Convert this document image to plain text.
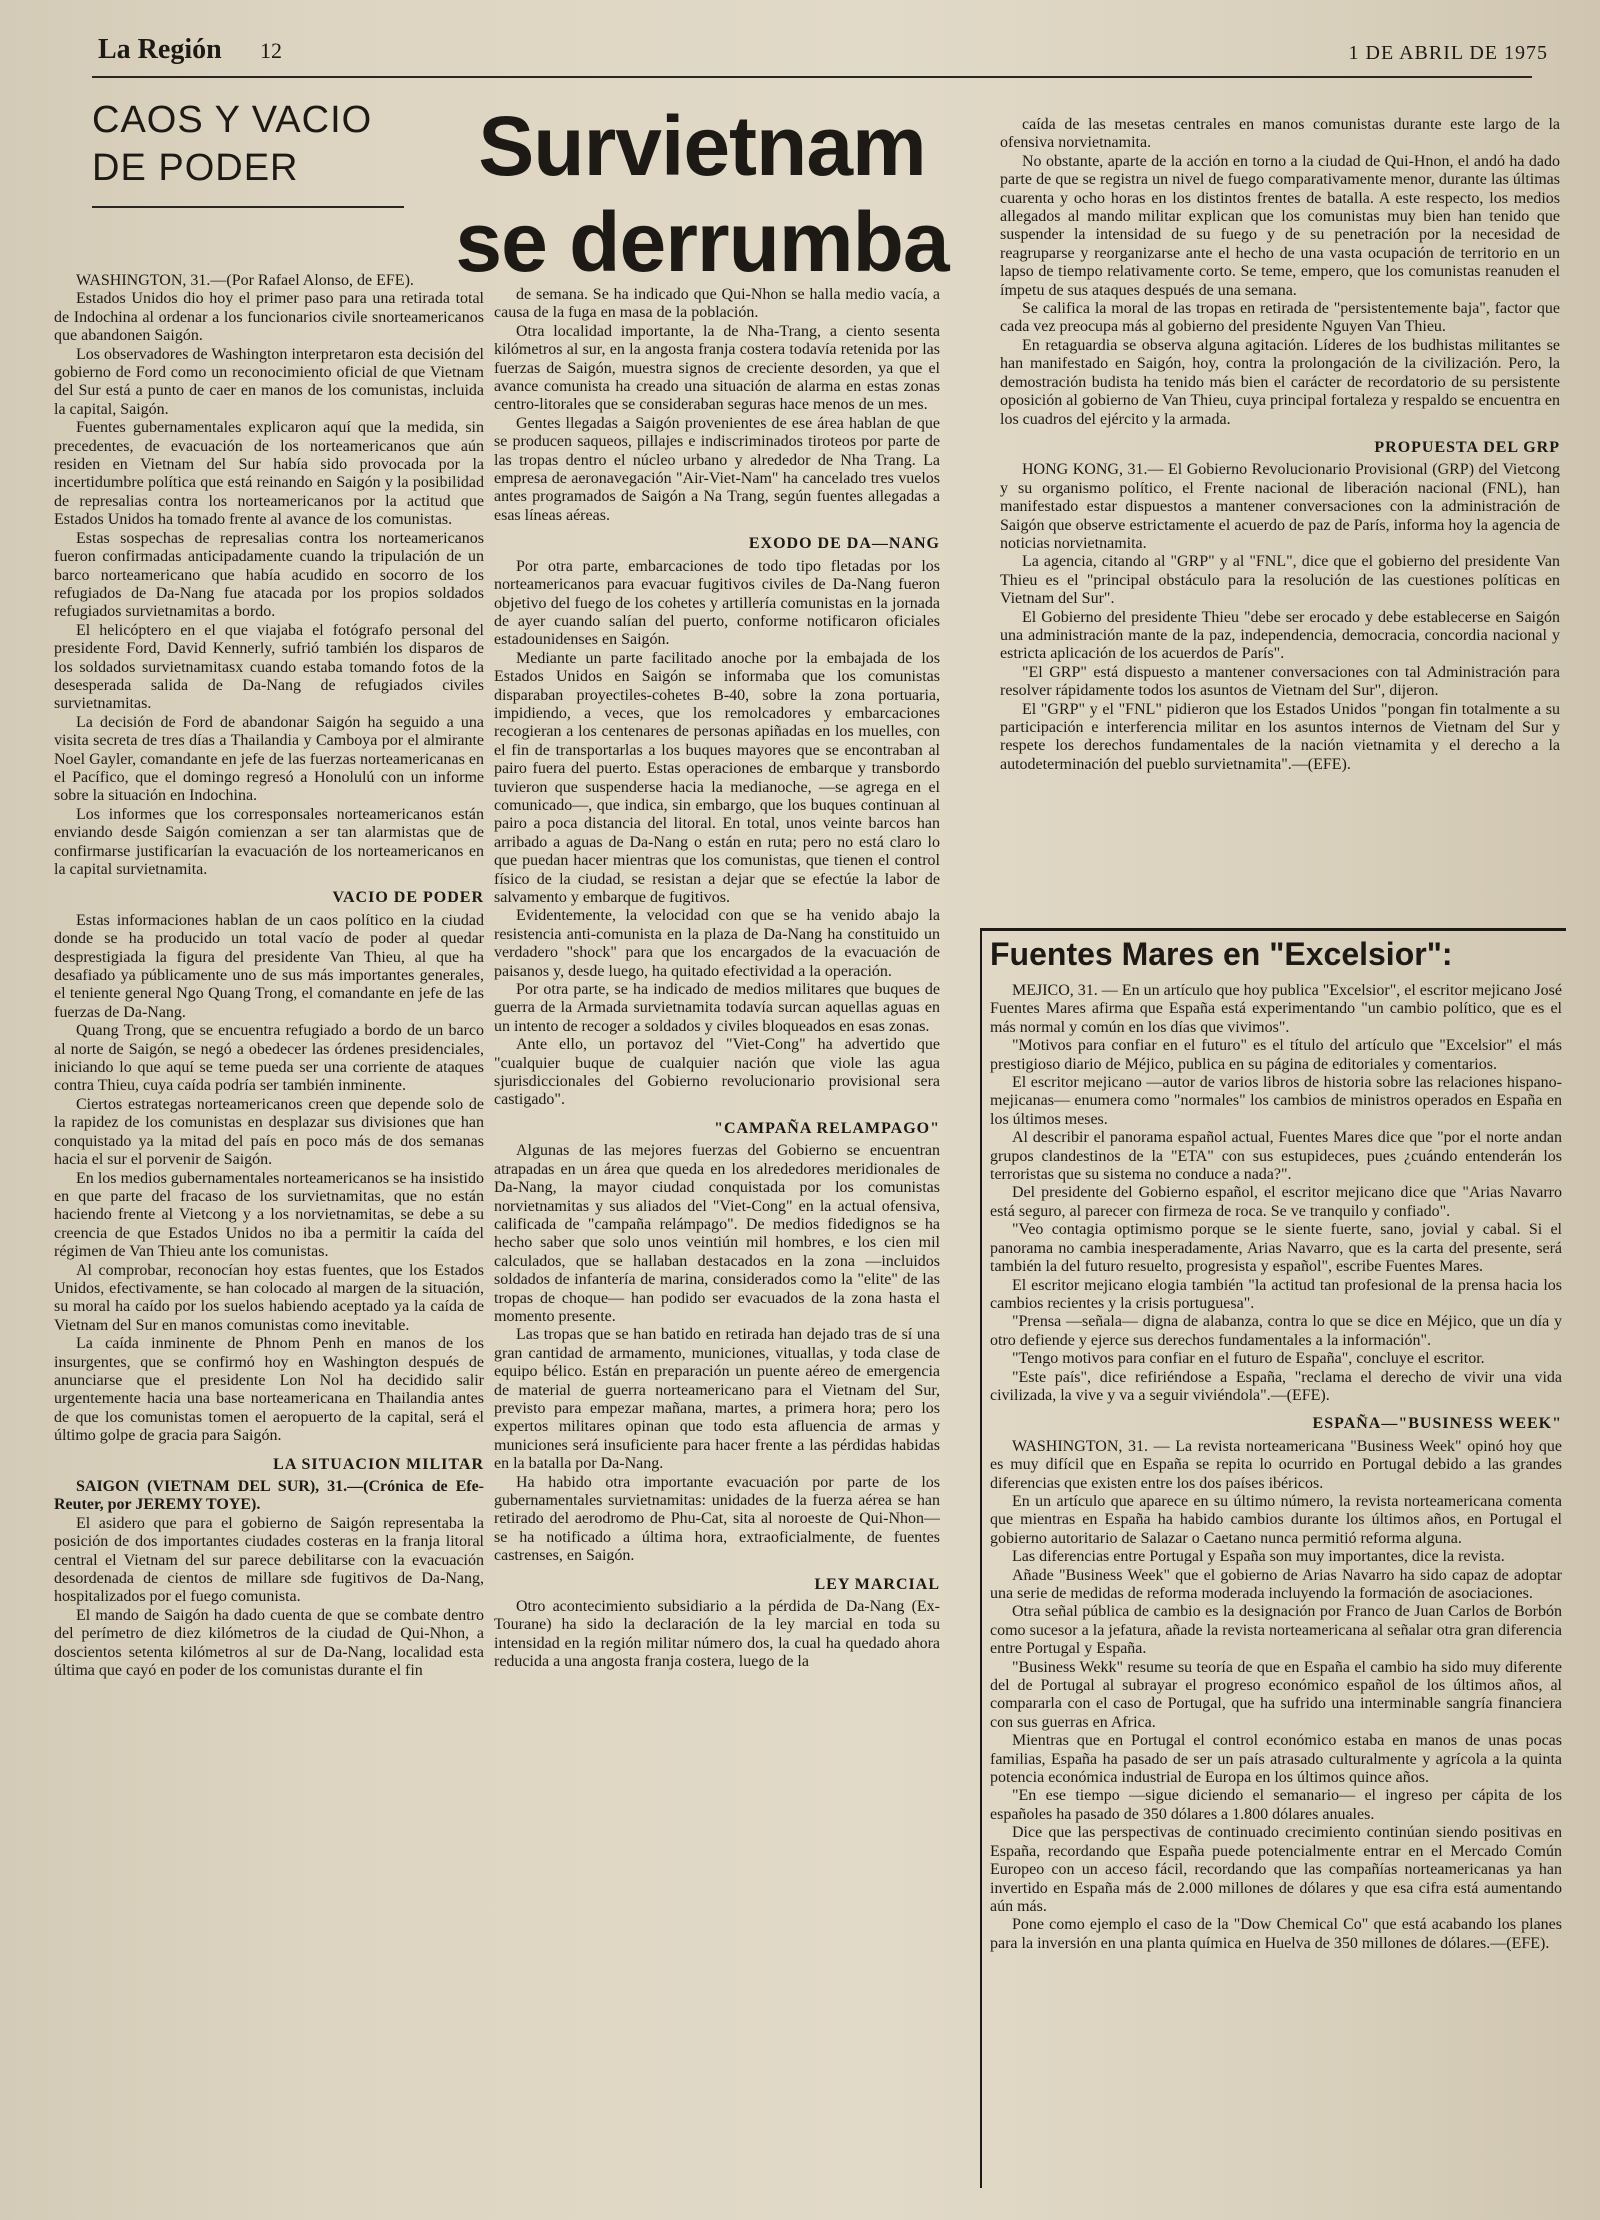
La Región 12	1 DE ABRIL DE 1975
CAOS Y VACIO DE PODER	Survietnam se derrumba

WASHINGTON, 31.—(Por Rafael Alonso, de EFE).

Estados Unidos dio hoy el primer paso para una retirada total de Indochina al ordenar a los funcionarios civile snorteamericanos que abandonen Saigón.

Los observadores de Washington interpretaron esta decisión del gobierno de Ford como un reconocimiento oficial de que Vietnam del Sur está a punto de caer en manos de los comunistas, incluida la capital, Saigón.

Fuentes gubernamentales explicaron aquí que la medida, sin precedentes, de evacuación de los norteamericanos que aún residen en Vietnam del Sur había sido provocada por la incertidumbre política que está reinando en Saigón y la posibilidad de represalias contra los norteamericanos por la actitud que Estados Unidos ha tomado frente al avance de los comunistas.

Estas sospechas de represalias contra los norteamericanos fueron confirmadas anticipadamente cuando la tripulación de un barco norteamericano que había acudido en socorro de los refugiados de Da-Nang fue atacada por los propios soldados refugiados survietnamitas a bordo.

El helicóptero en el que viajaba el fotógrafo personal del presidente Ford, David Kennerly, sufrió también los disparos de los soldados survietnamitasx cuando estaba tomando fotos de la desesperada salida de Da-Nang de refugiados civiles survietnamitas.

La decisión de Ford de abandonar Saigón ha seguido a una visita secreta de tres días a Thailandia y Camboya por el almirante Noel Gayler, comandante en jefe de las fuerzas norteamericanas en el Pacífico, que el domingo regresó a Honolulú con un informe sobre la situación en Indochina.

Los informes que los corresponsales norteamericanos están enviando desde Saigón comienzan a ser tan alarmistas que de confirmarse justificarían la evacuación de los norteamericanos en la capital survietnamita.

VACIO DE PODER

Estas informaciones hablan de un caos político en la ciudad donde se ha producido un total vacío de poder al quedar desprestigiada la figura del presidente Van Thieu, al que ha desafiado ya públicamente uno de sus más importantes generales, el teniente general Ngo Quang Trong, el comandante en jefe de las fuerzas de Da-Nang.

Quang Trong, que se encuentra refugiado a bordo de un barco al norte de Saigón, se negó a obedecer las órdenes presidenciales, iniciando lo que aquí se teme pueda ser una corriente de ataques contra Thieu, cuya caída podría ser también inminente.

Ciertos estrategas norteamericanos creen que depende solo de la rapidez de los comunistas en desplazar sus divisiones que han conquistado ya la mitad del país en poco más de dos semanas hacia el sur el porvenir de Saigón.

En los medios gubernamentales norteamericanos se ha insistido en que parte del fracaso de los survietnamitas, que no están haciendo frente al Vietcong y a los norvietnamitas, se debe a su creencia de que Estados Unidos no iba a permitir la caída del régimen de Van Thieu ante los comunistas.

Al comprobar, reconocían hoy estas fuentes, que los Estados Unidos, efectivamente, se han colocado al margen de la situación, su moral ha caído por los suelos habiendo aceptado ya la caída de Vietnam del Sur en manos comunistas como inevitable.

La caída inminente de Phnom Penh en manos de los insurgentes, que se confirmó hoy en Washington después de anunciarse que el presidente Lon Nol ha decidido salir urgentemente hacia una base norteamericana en Thailandia antes de que los comunistas tomen el aeropuerto de la capital, será el último golpe de gracia para Saigón.

LA SITUACION MILITAR

SAIGON (VIETNAM DEL SUR), 31.—(Crónica de Efe-Reuter, por JEREMY TOYE).

El asidero que para el gobierno de Saigón representaba la posición de dos importantes ciudades costeras en la franja litoral central el Vietnam del sur parece debilitarse con la evacuación desordenada de cientos de millare sde fugitivos de Da-Nang, hospitalizados por el fuego comunista.

El mando de Saigón ha dado cuenta de que se combate dentro del perímetro de diez kilómetros de la ciudad de Qui-Nhon, a doscientos setenta kilómetros al sur de Da-Nang, localidad esta última que cayó en poder de los comunistas durante el fin

de semana. Se ha indicado que Qui-Nhon se halla medio vacía, a causa de la fuga en masa de la población.

Otra localidad importante, la de Nha-Trang, a ciento sesenta kilómetros al sur, en la angosta franja costera todavía retenida por las fuerzas de Saigón, muestra signos de creciente desorden, ya que el avance comunista ha creado una situación de alarma en estas zonas centro-litorales que se consideraban seguras hace menos de un mes.

Gentes llegadas a Saigón provenientes de ese área hablan de que se producen saqueos, pillajes e indiscriminados tiroteos por parte de las tropas dentro el núcleo urbano y alrededor de Nha Trang. La empresa de aeronavegación "Air-Viet-Nam" ha cancelado tres vuelos antes programados de Saigón a Na Trang, según fuentes allegadas a esas líneas aéreas.

EXODO DE DA—NANG

Por otra parte, embarcaciones de todo tipo fletadas por los norteamericanos para evacuar fugitivos civiles de Da-Nang fueron objetivo del fuego de los cohetes y artillería comunistas en la jornada de ayer cuando salían del puerto, conforme notificaron oficiales estadounidenses en Saigón.

Mediante un parte facilitado anoche por la embajada de los Estados Unidos en Saigón se informaba que los comunistas disparaban proyectiles-cohetes B-40, sobre la zona portuaria, impidiendo, a veces, que los remolcadores y embarcaciones recogieran a los centenares de personas apiñadas en los muelles, con el fin de transportarlas a los buques mayores que se encontraban al pairo fuera del puerto. Estas operaciones de embarque y transbordo tuvieron que suspenderse hacia la medianoche, —se agrega en el comunicado—, que indica, sin embargo, que los buques continuan al pairo a poca distancia del litoral. En total, unos veinte barcos han arribado a aguas de Da-Nang o están en ruta; pero no está claro lo que puedan hacer mientras que los comunistas, que tienen el control físico de la ciudad, se resistan a dejar que se efectúe la labor de salvamento y embarque de fugitivos.

Evidentemente, la velocidad con que se ha venido abajo la resistencia anti-comunista en la plaza de Da-Nang ha constituido un verdadero "shock" para que los encargados de la evacuación de paisanos y, desde luego, ha quitado efectividad a la operación.

Por otra parte, se ha indicado de medios militares que buques de guerra de la Armada survietnamita todavía surcan aquellas aguas en un intento de recoger a soldados y civiles bloqueados en esas zonas.

Ante ello, un portavoz del "Viet-Cong" ha advertido que "cualquier buque de cualquier nación que viole las agua sjurisdiccionales del Gobierno revolucionario provisional sera castigado".

"CAMPAÑA RELAMPAGO"

Algunas de las mejores fuerzas del Gobierno se encuentran atrapadas en un área que queda en los alrededores meridionales de Da-Nang, la mayor ciudad conquistada por los comunistas norvietnamitas y sus aliados del "Viet-Cong" en la actual ofensiva, calificada de "campaña relámpago". De medios fidedignos se ha hecho saber que solo unos veintiún mil hombres, e los cien mil calculados, que se hallaban destacados en la zona —incluidos soldados de infantería de marina, considerados como la "elite" de las tropas de choque— han podido ser evacuados de la zona hasta el momento presente.

Las tropas que se han batido en retirada han dejado tras de sí una gran cantidad de armamento, municiones, vituallas, y toda clase de equipo bélico. Están en preparación un puente aéreo de emergencia de material de guerra norteamericano para el Vietnam del Sur, previsto para empezar mañana, martes, a primera hora; pero los expertos militares opinan que todo esta afluencia de armas y municiones será insuficiente para hacer frente a las pérdidas habidas en la batalla por Da-Nang.

Ha habido otra importante evacuación por parte de los gubernamentales survietnamitas: unidades de la fuerza aérea se han retirado del aerodromo de Phu-Cat, sita al noroeste de Qui-Nhon— se ha notificado a última hora, extraoficialmente, de fuentes castrenses, en Saigón.

LEY MARCIAL

Otro acontecimiento subsidiario a la pérdida de Da-Nang (Ex-Tourane) ha sido la declaración de la ley marcial en toda su intensidad en la región militar número dos, la cual ha quedado ahora reducida a una angosta franja costera, luego de la

caída de las mesetas centrales en manos comunistas durante este largo de la ofensiva norvietnamita.

No obstante, aparte de la acción en torno a la ciudad de Qui-Hnon, el andó ha dado parte de que se registra un nivel de fuego comparativamente menor, durante las últimas cuarenta y ocho horas en los distintos frentes de batalla. A este respecto, los medios allegados al mando militar explican que los comunistas muy bien han tenido que suspender la intensidad de su fuego y de su penetración por la necesidad de reagruparse y reorganizarse ante el hecho de una vasta ocupación de territorio en un lapso de tiempo relativamente corto. Se teme, empero, que los comunistas reanuden el ímpetu de sus ataques después de una semana.

Se califica la moral de las tropas en retirada de "persistentemente baja", factor que cada vez preocupa más al gobierno del presidente Nguyen Van Thieu.

En retaguardia se observa alguna agitación. Líderes de los budhistas militantes se han manifestado en Saigón, hoy, contra la prolongación de la civilización. Pero, la demostración budista ha tenido más bien el carácter de recordatorio de su persistente oposición al gobierno de Van Thieu, cuya principal fortaleza y respaldo se encuentra en los cuadros del ejército y la armada.

PROPUESTA DEL GRP

HONG KONG, 31.— El Gobierno Revolucionario Provisional (GRP) del Vietcong y su organismo político, el Frente nacional de liberación nacional (FNL), han manifestado estar dispuestos a mantener conversaciones con la administración de Saigón que observe estrictamente el acuerdo de paz de París, informa hoy la agencia de noticias norvietnamita.

La agencia, citando al "GRP" y al "FNL", dice que el gobierno del presidente Van Thieu es el "principal obstáculo para la resolución de las cuestiones políticas en Vietnam del Sur".

El Gobierno del presidente Thieu "debe ser erocado y debe establecerse en Saigón una administración mante de la paz, independencia, democracia, concordia nacional y estricta aplicación de los acuerdos de París".

"El GRP" está dispuesto a mantener conversaciones con tal Administración para resolver rápidamente todos los asuntos de Vietnam del Sur", dijeron.

El "GRP" y el "FNL" pidieron que los Estados Unidos "pongan fin totalmente a su participación e interferencia militar en los asuntos internos de Vietnam del Sur y respete los derechos fundamentales de la nación vietnamita y el derecho a la autodeterminación del pueblo survietnamita".—(EFE).

Fuentes Mares en "Excelsior":

MEJICO, 31. — En un artículo que hoy publica "Excelsior", el escritor mejicano José Fuentes Mares afirma que España está experimentando "un cambio político, que es el más normal y común en los días que vivimos".

"Motivos para confiar en el futuro" es el título del artículo que "Excelsior" el más prestigioso diario de Méjico, publica en su página de editoriales y comentarios.

El escritor mejicano —autor de varios libros de historia sobre las relaciones hispano-mejicanas— enumera como "normales" los cambios de ministros operados en España en los últimos meses.

Al describir el panorama español actual, Fuentes Mares dice que "por el norte andan grupos clandestinos de la "ETA" con sus estupideces, pues ¿cuándo entenderán los terroristas que su sistema no conduce a nada?".

Del presidente del Gobierno español, el escritor mejicano dice que "Arias Navarro está seguro, al parecer con firmeza de roca. Se ve tranquilo y confiado".

"Veo contagia optimismo porque se le siente fuerte, sano, jovial y cabal. Si el panorama no cambia inesperadamente, Arias Navarro, que es la carta del presente, será también la del futuro resuelto, progresista y español", escribe Fuentes Mares.

El escritor mejicano elogia también "la actitud tan profesional de la prensa hacia los cambios recientes y la crisis portuguesa".

"Prensa —señala— digna de alabanza, contra lo que se dice en Méjico, que un día y otro defiende y ejerce sus derechos fundamentales a la información".

"Tengo motivos para confiar en el futuro de España", concluye el escritor.

"Este país", dice refiriéndose a España, "reclama el derecho de vivir una vida civilizada, la vive y va a seguir viviéndola".—(EFE).

ESPAÑA—"BUSINESS WEEK"

WASHINGTON, 31. — La revista norteamericana "Business Week" opinó hoy que es muy difícil que en España se repita lo ocurrido en Portugal debido a las grandes diferencias que existen entre los dos países ibéricos.

En un artículo que aparece en su último número, la revista norteamericana comenta que mientras en España ha habido cambios durante los últimos años, en Portugal el gobierno autoritario de Salazar o Caetano nunca permitió reforma alguna.

Las diferencias entre Portugal y España son muy importantes, dice la revista.

Añade "Business Week" que el gobierno de Arias Navarro ha sido capaz de adoptar una serie de medidas de reforma moderada incluyendo la formación de asociaciones.

Otra señal pública de cambio es la designación por Franco de Juan Carlos de Borbón como sucesor a la jefatura, añade la revista norteamericana al señalar otra gran diferencia entre Portugal y España.

"Business Wekk" resume su teoría de que en España el cambio ha sido muy diferente del de Portugal al subrayar el progreso económico español de los últimos años, al compararla con el caso de Portugal, que ha sufrido una interminable sangría financiera con sus guerras en Africa.

Mientras que en Portugal el control económico estaba en manos de unas pocas familias, España ha pasado de ser un país atrasado culturalmente y agrícola a la quinta potencia económica industrial de Europa en los últimos quince años.

"En ese tiempo —sigue diciendo el semanario— el ingreso per cápita de los españoles ha pasado de 350 dólares a 1.800 dólares anuales.

Dice que las perspectivas de continuado crecimiento continúan siendo positivas en España, recordando que España puede potencialmente entrar en el Mercado Común Europeo con un acceso fácil, recordando que las compañías norteamericanas ya han invertido en España más de 2.000 millones de dólares y que esa cifra está aumentando aún más.

Pone como ejemplo el caso de la "Dow Chemical Co" que está acabando los planes para la inversión en una planta química en Huelva de 350 millones de dólares.—(EFE).
